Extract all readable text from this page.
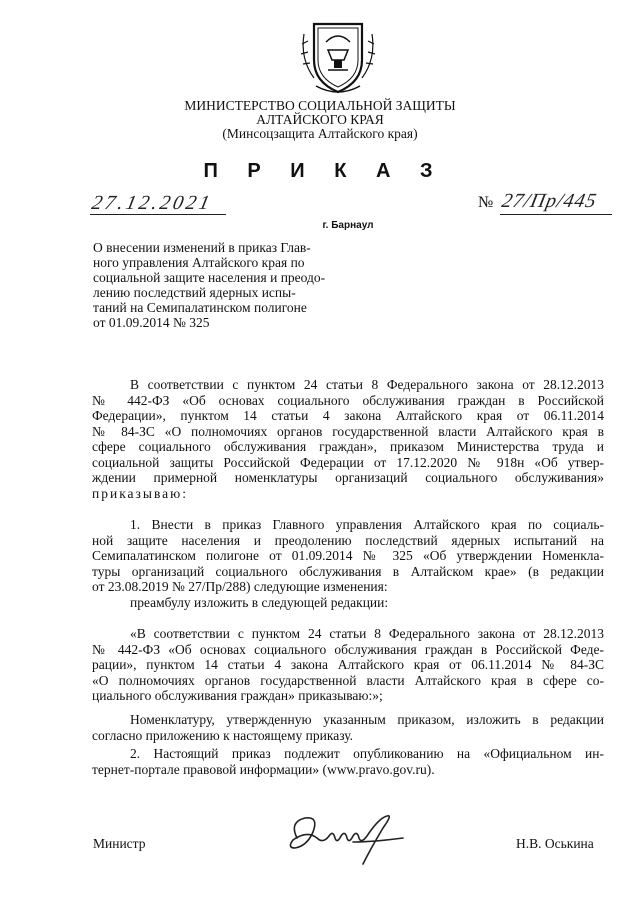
МИНИСТЕРСТВО СОЦИАЛЬНОЙ ЗАЩИТЫ
АЛТАЙСКОГО КРАЯ
(Минсоцзащита Алтайского края)
П Р И К А З
27.12.2021	№ 27/Пр/445
г. Барнаул
О внесении изменений в приказ Глав-
ного управления Алтайского края по
социальной защите населения и преодо-
лению последствий ядерных испы-
таний на Семипалатинском полигоне
от 01.09.2014 № 325
В соответствии с пунктом 24 статьи 8 Федерального закона от 28.12.2013
№ 442-ФЗ «Об основах социального обслуживания граждан в Российской
Федерации», пунктом 14 статьи 4 закона Алтайского края от 06.11.2014
№ 84-ЗС «О полномочиях органов государственной власти Алтайского края в
сфере социального обслуживания граждан», приказом Министерства труда и
социальной защиты Российской Федерации от 17.12.2020 № 918н «Об утвер-
ждении примерной номенклатуры организаций социального обслуживания»
приказываю:
1. Внести в приказ Главного управления Алтайского края по социаль-
ной защите населения и преодолению последствий ядерных испытаний на
Семипалатинском полигоне от 01.09.2014 № 325 «Об утверждении Номенкла-
туры организаций социального обслуживания в Алтайском крае» (в редакции
от 23.08.2019 № 27/Пр/288) следующие изменения:
преамбулу изложить в следующей редакции:
«В соответствии с пунктом 24 статьи 8 Федерального закона от 28.12.2013
№ 442-ФЗ «Об основах социального обслуживания граждан в Российской Феде-
рации», пунктом 14 статьи 4 закона Алтайского края от 06.11.2014 № 84-ЗС
«О полномочиях органов государственной власти Алтайского края в сфере со-
циального обслуживания граждан» приказываю:»;
Номенклатуру, утвержденную указанным приказом, изложить в редакции
согласно приложению к настоящему приказу.
2. Настоящий приказ подлежит опубликованию на «Официальном ин-
тернет-портале правовой информации» (www.pravo.gov.ru).
Министр	Н.В. Оськина
